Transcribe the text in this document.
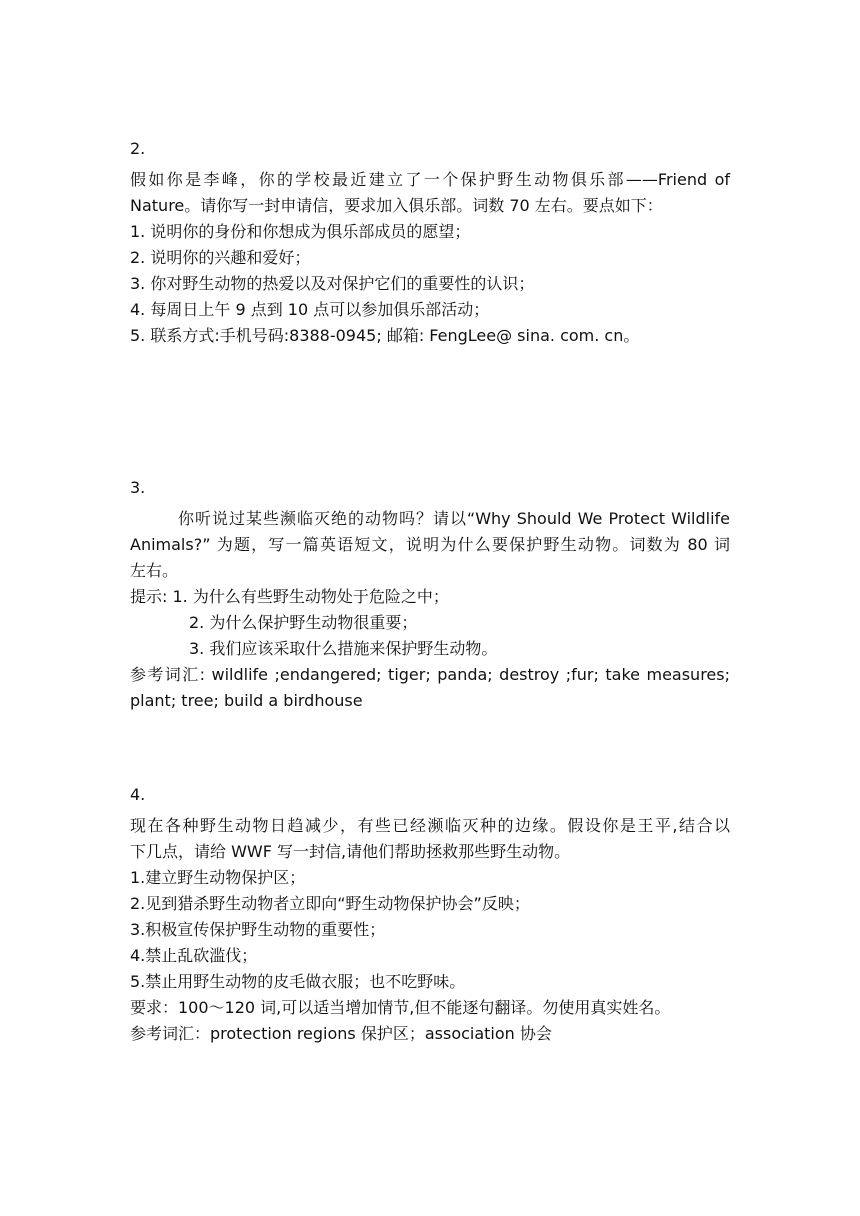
2.
假如你是李峰，你的学校最近建立了一个保护野生动物俱乐部——Friend of
Nature。请你写一封申请信，要求加入俱乐部。词数 70 左右。要点如下：
1. 说明你的身份和你想成为俱乐部成员的愿望；
2. 说明你的兴趣和爱好；
3. 你对野生动物的热爱以及对保护它们的重要性的认识；
4. 每周日上午 9 点到 10 点可以参加俱乐部活动；
5. 联系方式:手机号码:8388-0945; 邮箱: FengLee@ sina. com. cn。
3.
你听说过某些濒临灭绝的动物吗？请以“Why Should We Protect Wildlife
Animals?” 为题，写一篇英语短文，说明为什么要保护野生动物。词数为 80 词
左右。
提示: 1. 为什么有些野生动物处于危险之中；
2. 为什么保护野生动物很重要；
3. 我们应该采取什么措施来保护野生动物。
参考词汇: wildlife ;endangered; tiger; panda; destroy ;fur; take measures;
plant; tree; build a birdhouse
4.
现在各种野生动物日趋减少，有些已经濒临灭种的边缘。假设你是王平,结合以
下几点，请给 WWF 写一封信,请他们帮助拯救那些野生动物。
1.建立野生动物保护区；
2.见到猎杀野生动物者立即向“野生动物保护协会”反映；
3.积极宣传保护野生动物的重要性；
4.禁止乱砍滥伐；
5.禁止用野生动物的皮毛做衣服；也不吃野味。
要求：100～120 词,可以适当增加情节,但不能逐句翻译。勿使用真实姓名。
参考词汇：protection regions 保护区；association 协会
